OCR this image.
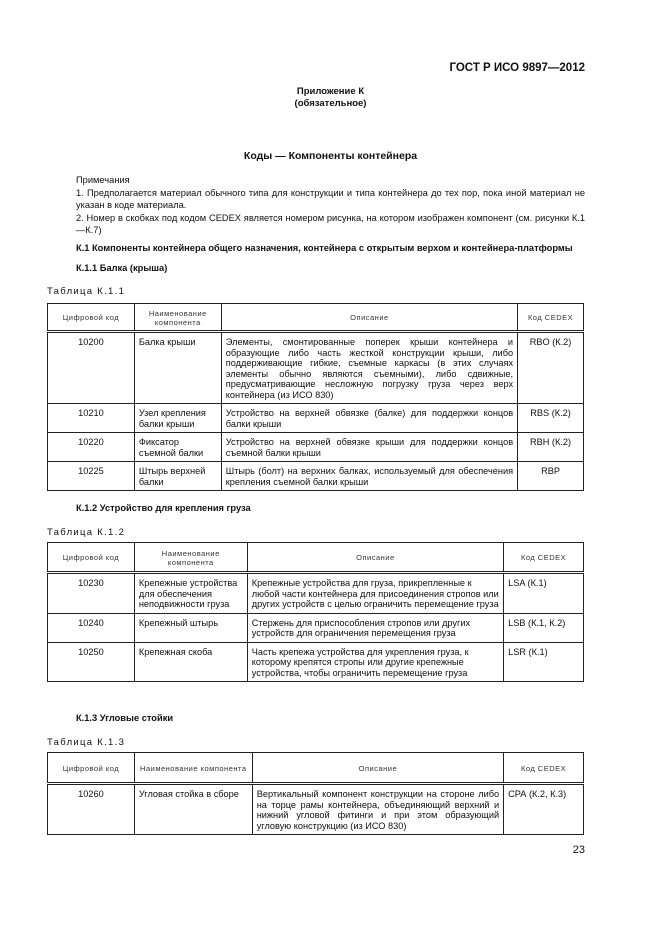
ГОСТ Р ИСО 9897—2012
Приложение К
(обязательное)
Коды — Компоненты контейнера

Примечания

1. Предполагается материал обычного типа для конструкции и типа контейнера до тех пор, пока иной материал не указан в коде материала.

2. Номер в скобках под кодом CEDEX является номером рисунка, на котором изображен компонент (см. рисунки К.1—К.7)

К.1 Компоненты контейнера общего назначения, контейнера с открытым верхом и контейнера-платформы
К.1.1 Балка (крыша)
Таблица К.1.1
Цифровой код	Наименование компонента	Описание	Код CEDEX
10200	Балка крыши	Элементы, смонтированные поперек крыши контейнера и образующие либо часть жесткой конструкции крыши, либо поддерживающие гибкие, съемные каркасы (в этих случаях элементы обычно являются съемными), либо сдвижные, предусматривающие несложную погрузку груза через верх контейнера (из ИСО 830)	RBO (К.2)
10210	Узел крепления балки крыши	Устройство на верхней обвязке (балке) для поддержки концов балки крыши	RBS (К.2)
10220	Фиксатор съемной балки	Устройство на верхней обвязке крыши для поддержки концов съемной балки крыши	RBH (К.2)
10225	Штырь верхней балки	Штырь (болт) на верхних балках, используемый для обеспечения крепления съемной балки крыши	RBP
К.1.2 Устройство для крепления груза
Таблица К.1.2
Цифровой код	Наименование компонента	Описание	Код CEDEX
10230	Крепежные устройства для обеспечения неподвижности груза	Крепежные устройства для груза, прикрепленные к любой части контейнера для присоединения стропов или других устройств с целью ограничить перемещение груза	LSA (К.1)
10240	Крепежный штырь	Стержень для приспособления стропов или других устройств для ограничения перемещения груза	LSB (К.1, К.2)
10250	Крепежная скоба	Часть крепежа устройства для укрепления груза, к которому крепятся стропы или другие крепежные устройства, чтобы ограничить перемещение груза	LSR (К.1)
К.1.3 Угловые стойки
Таблица К.1.3
Цифровой код	Наименование компонента	Описание	Код CEDEX
10260	Угловая стойка в сборе	Вертикальный компонент конструкции на стороне либо на торце рамы контейнера, объединяющий верхний и нижний угловой фитинги и при этом образующий угловую конструкцию (из ИСО 830)	СРА (К.2, К.3)
23
